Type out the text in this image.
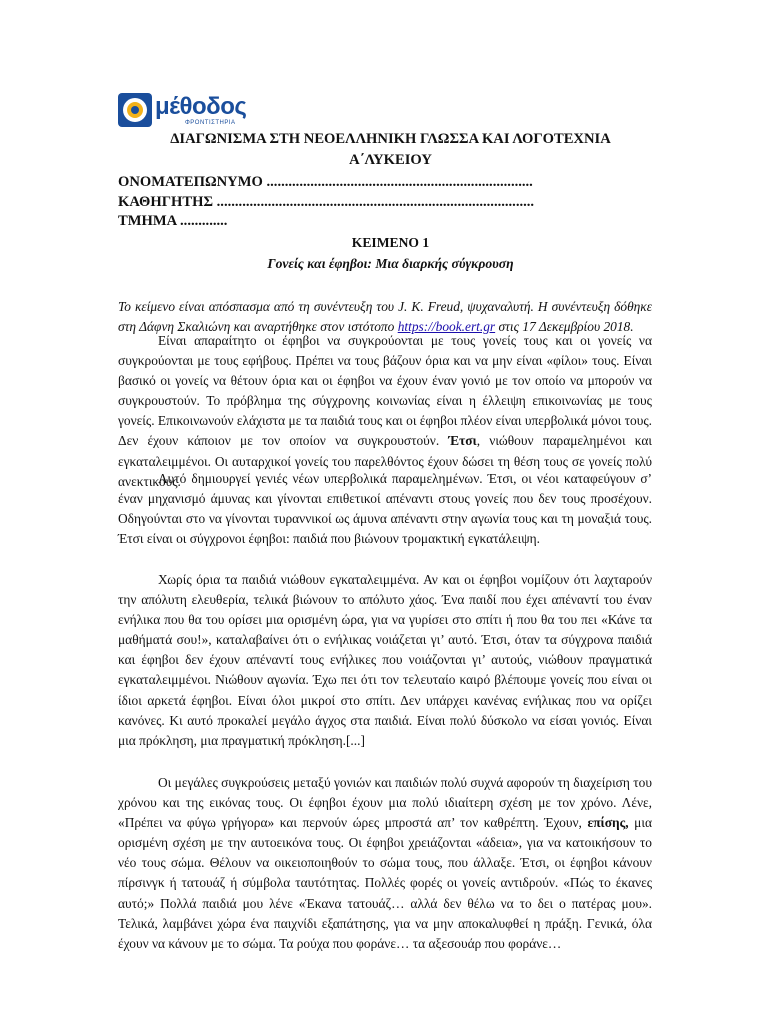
μέθοδος
ΦΡΟΝΤΙΣΤΗΡΙΑ
ΔΙΑΓΩΝΙΣΜΑ ΣΤΗ ΝΕΟΕΛΛΗΝΙΚΗ ΓΛΩΣΣΑ ΚΑΙ ΛΟΓΟΤΕΧΝΙΑ
Α΄ΛΥΚΕΙΟΥ
ΟΝΟΜΑΤΕΠΩΝΥΜΟ .........................................................................
ΚΑΘΗΓΗΤΗΣ .......................................................................................
ΤΜΗΜΑ .............
ΚΕΙΜΕΝΟ 1
Γονείς και έφηβοι: Μια διαρκής σύγκρουση
Το κείμενο είναι απόσπασμα από τη συνέντευξη του J. K. Freud, ψυχαναλυτή. Η συνέντευξη δόθηκε στη Δάφνη Σκαλιώνη και αναρτήθηκε στον ιστότοπο https://book.ert.gr στις 17 Δεκεμβρίου 2018.

Είναι απαραίτητο οι έφηβοι να συγκρούονται με τους γονείς τους και οι γονείς να συγκρούονται με τους εφήβους. Πρέπει να τους βάζουν όρια και να μην είναι «φίλοι» τους. Είναι βασικό οι γονείς να θέτουν όρια και οι έφηβοι να έχουν έναν γονιό με τον οποίο να μπορούν να συγκρουστούν. Το πρόβλημα της σύγχρονης κοινωνίας είναι η έλλειψη επικοινωνίας με τους γονείς. Επικοινωνούν ελάχιστα με τα παιδιά τους και οι έφηβοι πλέον είναι υπερβολικά μόνοι τους. Δεν έχουν κάποιον με τον οποίον να συγκρουστούν. Έτσι, νιώθουν παραμελημένοι και εγκαταλειμμένοι. Οι αυταρχικοί γονείς του παρελθόντος έχουν δώσει τη θέση τους σε γονείς πολύ ανεκτικούς.

Αυτό δημιουργεί γενιές νέων υπερβολικά παραμελημένων. Έτσι, οι νέοι καταφεύγουν σ’ έναν μηχανισμό άμυνας και γίνονται επιθετικοί απέναντι στους γονείς που δεν τους προσέχουν. Οδηγούνται στο να γίνονται τυραννικοί ως άμυνα απέναντι στην αγωνία τους και τη μοναξιά τους. Έτσι είναι οι σύγχρονοι έφηβοι: παιδιά που βιώνουν τρομακτική εγκατάλειψη.

Χωρίς όρια τα παιδιά νιώθουν εγκαταλειμμένα. Αν και οι έφηβοι νομίζουν ότι λαχταρούν την απόλυτη ελευθερία, τελικά βιώνουν το απόλυτο χάος. Ένα παιδί που έχει απέναντί του έναν ενήλικα που θα του ορίσει μια ορισμένη ώρα, για να γυρίσει στο σπίτι ή που θα του πει «Κάνε τα μαθήματά σου!», καταλαβαίνει ότι ο ενήλικας νοιάζεται γι’ αυτό. Έτσι, όταν τα σύγχρονα παιδιά και έφηβοι δεν έχουν απέναντί τους ενήλικες που νοιάζονται γι’ αυτούς, νιώθουν πραγματικά εγκαταλειμμένοι. Νιώθουν αγωνία. Έχω πει ότι τον τελευταίο καιρό βλέπουμε γονείς που είναι οι ίδιοι αρκετά έφηβοι. Είναι όλοι μικροί στο σπίτι. Δεν υπάρχει κανένας ενήλικας που να ορίζει κανόνες. Κι αυτό προκαλεί μεγάλο άγχος στα παιδιά. Είναι πολύ δύσκολο να είσαι γονιός. Είναι μια πρόκληση, μια πραγματική πρόκληση.[...]

Οι μεγάλες συγκρούσεις μεταξύ γονιών και παιδιών πολύ συχνά αφορούν τη διαχείριση του χρόνου και της εικόνας τους. Οι έφηβοι έχουν μια πολύ ιδιαίτερη σχέση με τον χρόνο. Λένε, «Πρέπει να φύγω γρήγορα» και περνούν ώρες μπροστά απ’ τον καθρέπτη. Έχουν, επίσης, μια ορισμένη σχέση με την αυτοεικόνα τους. Οι έφηβοι χρειάζονται «άδεια», για να κατοικήσουν το νέο τους σώμα. Θέλουν να οικειοποιηθούν το σώμα τους, που άλλαξε. Έτσι, οι έφηβοι κάνουν πίρσινγκ ή τατουάζ ή σύμβολα ταυτότητας. Πολλές φορές οι γονείς αντιδρούν. «Πώς το έκανες αυτό;» Πολλά παιδιά μου λένε «Έκανα τατουάζ… αλλά δεν θέλω να το δει ο πατέρας μου». Τελικά, λαμβάνει χώρα ένα παιχνίδι εξαπάτησης, για να μην αποκαλυφθεί η πράξη. Γενικά, όλα έχουν να κάνουν με το σώμα. Τα ρούχα που φοράνε… τα αξεσουάρ που φοράνε…
